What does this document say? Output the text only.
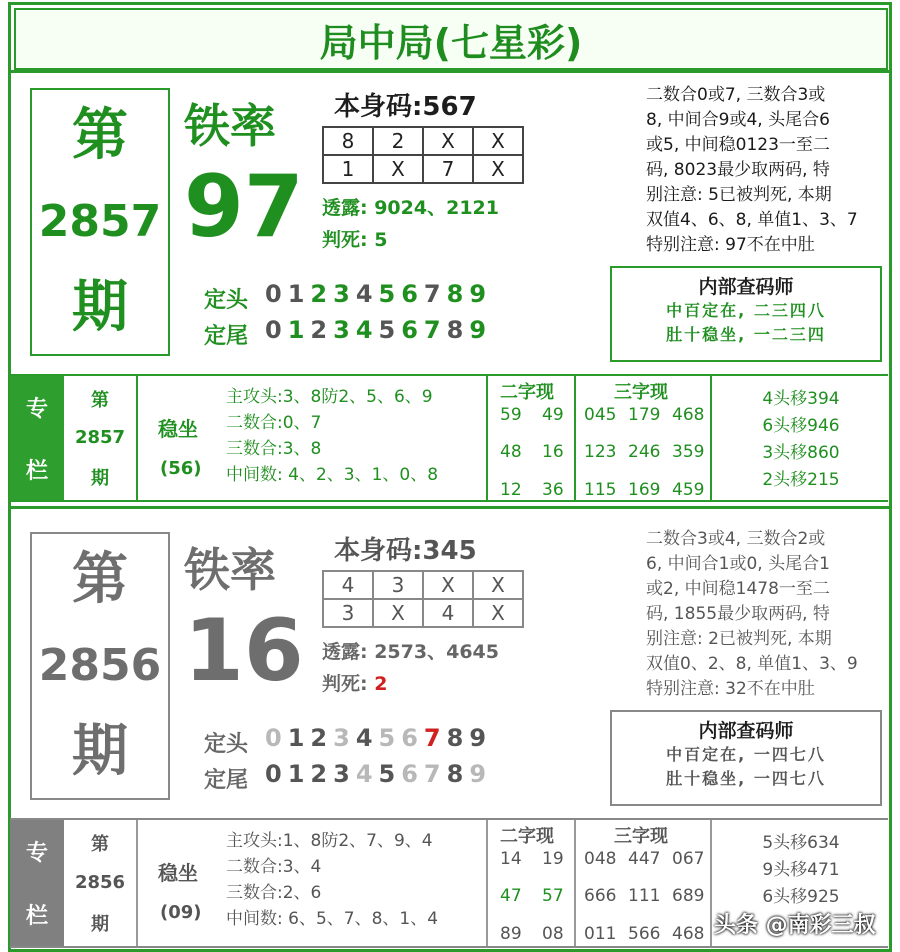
局中局(七星彩)
第
2857
期
铁率
97
本身码:567
8	2	X	X
1	X	7	X
透露: 9024、2121
判死: 5
定头 0123456789
定尾 0123456789
二数合0或7, 三数合3或
8, 中间合9或4, 头尾合6
或5, 中间稳0123一至二
码, 8023最少取两码, 特
别注意: 5已被判死, 本期
双值4、6、8, 单值1、3、7
特别注意: 97不在中肚
内部查码师
中百定在, 二三四八
肚十稳坐, 一二三四
专
栏
第
2857
期
稳坐
(56)
主攻头:3、8防2、5、6、9
二数合:0、7
三数合:3、8
中间数: 4、2、3、1、0、8
二字现
59 49
48 16
12 36
三字现
045 179 468
123 246 359
115 169 459
4头移394
6头移946
3头移860
2头移215
第
2856
期
铁率
16
本身码:345
4	3	X	X
3	X	4	X
透露: 2573、4645
判死: 2
定头 0123456789
定尾 0123456789
二数合3或4, 三数合2或
6, 中间合1或0, 头尾合1
或2, 中间稳1478一至二
码, 1855最少取两码, 特
别注意: 2已被判死, 本期
双值0、2、8, 单值1、3、9
特别注意: 32不在中肚
内部查码师
中百定在, 一四七八
肚十稳坐, 一四七八
专
栏
第
2856
期
稳坐
(09)
主攻头:1、8防2、7、9、4
二数合:3、4
三数合:2、6
中间数: 6、5、7、8、1、4
二字现
14 19
47 57
89 08
三字现
048 447 067
666 111 689
011 566 468
5头移634
9头移471
6头移925
头条 @南彩三叔
